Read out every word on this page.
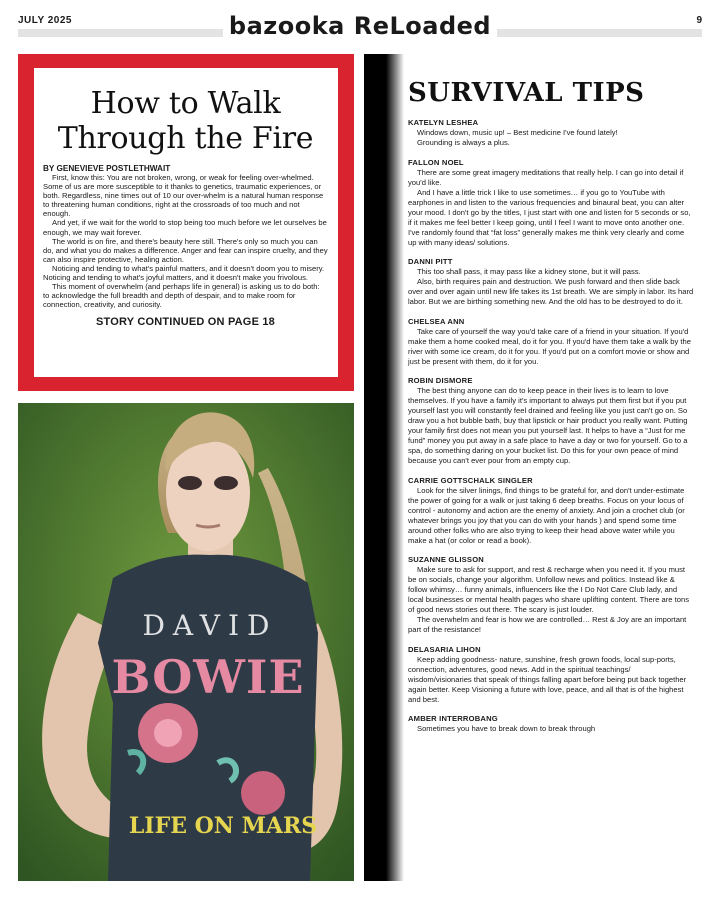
JULY 2025	bazooka ReLoaded	9
How to Walk
Through the Fire
BY GENEVIEVE POSTLETHWAIT

First, know this: You are not broken, wrong, or weak for feeling over-whelmed. Some of us are more susceptible to it thanks to genetics, traumatic experiences, or both. Regardless, nine times out of 10 our over-whelm is a natural human response to threatening human conditions, right at the crossroads of too much and not enough.

And yet, if we wait for the world to stop being too much before we let ourselves be enough, we may wait forever.

The world is on fire, and there's beauty here still. There's only so much you can do, and what you do makes a difference. Anger and fear can inspire cruelty, and they can also inspire protective, healing action.

Noticing and tending to what's painful matters, and it doesn't doom you to misery. Noticing and tending to what's joyful matters, and it doesn't make you frivolous.

This moment of overwhelm (and perhaps life in general) is asking us to do both: to acknowledge the full breadth and depth of despair, and to make room for connection, creativity, and curiosity.

STORY CONTINUED ON PAGE 18
DAVID
BOWIE
LIFE ON MARS
SURVIVAL TIPS
KATELYN LESHEA

Windows down, music up! – Best medicine I've found lately!

Grounding is always a plus.

FALLON NOEL

There are some great imagery meditations that really help. I can go into detail if you'd like.

And I have a little trick I like to use sometimes… if you go to YouTube with earphones in and listen to the various frequencies and binaural beat, you can alter your mood. I don't go by the titles, I just start with one and listen for 5 seconds or so, if it makes me feel better I keep going, until I feel I want to move onto another one. I've randomly found that “fat loss” generally makes me think very clearly and come up with many ideas/ solutions.

DANNI PITT

This too shall pass, it may pass like a kidney stone, but it will pass.

Also, birth requires pain and destruction. We push forward and then slide back over and over again until new life takes its 1st breath. We are simply in labor. Its hard labor. But we are birthing something new. And the old has to be destroyed to do it.

CHELSEA ANN

Take care of yourself the way you'd take care of a friend in your situation. If you'd make them a home cooked meal, do it for you. If you'd have them take a walk by the river with some ice cream, do it for you. If you'd put on a comfort movie or show and just be present with them, do it for you.

ROBIN DISMORE

The best thing anyone can do to keep peace in their lives is to learn to love themselves. If you have a family it's important to always put them first but if you put yourself last you will constantly feel drained and feeling like you just can't go on. So draw you a hot bubble bath, buy that lipstick or hair product you really want. Putting your family first does not mean you put yourself last. It helps to have a “Just for me fund” money you put away in a safe place to have a day or two for yourself. Go to a spa, do something daring on your bucket list. Do this for your own peace of mind because you can't ever pour from an empty cup.

CARRIE GOTTSCHALK SINGLER

Look for the silver linings, find things to be grateful for, and don't under-estimate the power of going for a walk or just taking 6 deep breaths. Focus on your locus of control - autonomy and action are the enemy of anxiety. And join a crochet club (or whatever brings you joy that you can do with your hands ) and spend some time around other folks who are also trying to keep their head above water while you make a hat (or color or read a book).

SUZANNE GLISSON

Make sure to ask for support, and rest & recharge when you need it. If you must be on socials, change your algorithm. Unfollow news and politics. Instead like & follow whimsy… funny animals, influencers like the I Do Not Care Club lady, and local businesses or mental health pages who share uplifting content. There are tons of good news stories out there. The scary is just louder.

The overwhelm and fear is how we are controlled… Rest & Joy are an important part of the resistance!

DELASARIA LIHON

Keep adding goodness- nature, sunshine, fresh grown foods, local sup-ports, connection, adventures, good news. Add in the spiritual teachings/ wisdom/visionaries that speak of things falling apart before being put back together again better. Keep Visioning a future with love, peace, and all that is of the highest and best.

AMBER INTERROBANG

Sometimes you have to break down to break through
